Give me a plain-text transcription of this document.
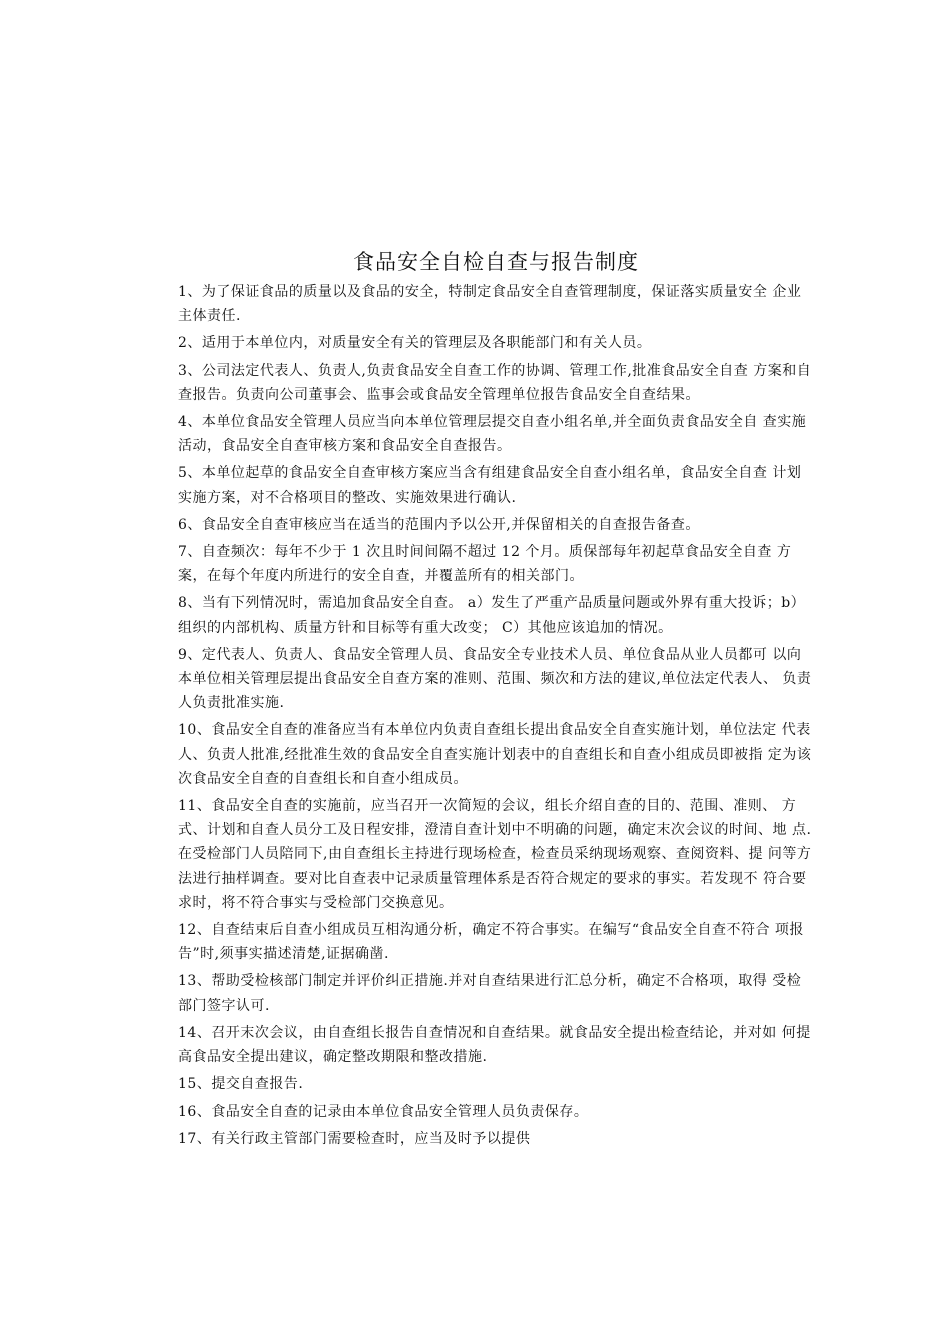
食品安全自检自查与报告制度

1、为了保证食品的质量以及食品的安全，特制定食品安全自查管理制度，保证落实质量安全 企业主体责任.

2、适用于本单位内，对质量安全有关的管理层及各职能部门和有关人员。

3、公司法定代表人、负责人,负责食品安全自查工作的协调、管理工作,批准食品安全自查 方案和自查报告。负责向公司董事会、监事会或食品安全管理单位报告食品安全自查结果。

4、本单位食品安全管理人员应当向本单位管理层提交自查小组名单,并全面负责食品安全自 查实施活动，食品安全自查审核方案和食品安全自查报告。

5、本单位起草的食品安全自查审核方案应当含有组建食品安全自查小组名单，食品安全自查 计划实施方案，对不合格项目的整改、实施效果进行确认.

6、食品安全自查审核应当在适当的范围内予以公开,并保留相关的自查报告备查。

7、自查频次：每年不少于 1 次且时间间隔不超过 12 个月。质保部每年初起草食品安全自查 方案，在每个年度内所进行的安全自查，并覆盖所有的相关部门。

8、当有下列情况时，需追加食品安全自查。 a）发生了严重产品质量问题或外界有重大投诉；b）组织的内部机构、质量方针和目标等有重大改变； C）其他应该追加的情况。

9、定代表人、负责人、食品安全管理人员、食品安全专业技术人员、单位食品从业人员都可 以向本单位相关管理层提出食品安全自查方案的准则、范围、频次和方法的建议,单位法定代表人、 负责人负责批准实施.

10、食品安全自查的准备应当有本单位内负责自查组长提出食品安全自查实施计划，单位法定 代表人、负责人批准,经批准生效的食品安全自查实施计划表中的自查组长和自查小组成员即被指 定为该次食品安全自查的自查组长和自查小组成员。

11、食品安全自查的实施前，应当召开一次简短的会议，组长介绍自查的目的、范围、准则、 方式、计划和自查人员分工及日程安排，澄清自查计划中不明确的问题，确定末次会议的时间、地 点.在受检部门人员陪同下,由自查组长主持进行现场检查，检查员采纳现场观察、查阅资料、提 问等方法进行抽样调查。要对比自查表中记录质量管理体系是否符合规定的要求的事实。若发现不 符合要求时，将不符合事实与受检部门交换意见。

12、自查结束后自查小组成员互相沟通分析，确定不符合事实。在编写“食品安全自查不符合 项报告”时,须事实描述清楚,证据确凿.

13、帮助受检核部门制定并评价纠正措施.并对自查结果进行汇总分析，确定不合格项，取得 受检部门签字认可.

14、召开末次会议，由自查组长报告自查情况和自查结果。就食品安全提出检查结论，并对如 何提高食品安全提出建议，确定整改期限和整改措施.

15、提交自查报告.

16、食品安全自查的记录由本单位食品安全管理人员负责保存。

17、有关行政主管部门需要检查时，应当及时予以提供
